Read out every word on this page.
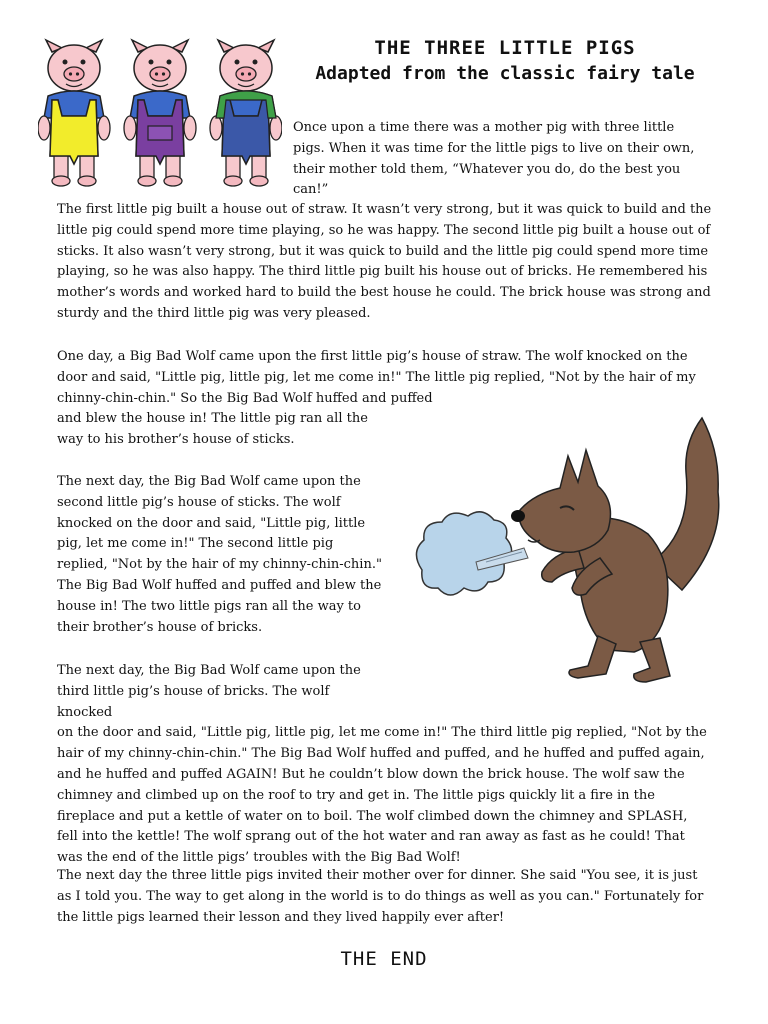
THE THREE LITTLE PIGS
Adapted from the classic fairy tale

Once upon a time there was a mother pig with three little pigs. When it was time for the little pigs to live on their own, their mother told them, “Whatever you do, do the best you can!”

The first little pig built a house out of straw. It wasn’t very strong, but it was quick to build and the little pig could spend more time playing, so he was happy. The second little pig built a house out of sticks. It also wasn’t very strong, but it was quick to build and the little pig could spend more time playing, so he was also happy. The third little pig built his house out of bricks. He remembered his mother’s words and worked hard to build the best house he could. The brick house was strong and sturdy and the third little pig was very pleased.

One day, a Big Bad Wolf came upon the first little pig’s house of straw. The wolf knocked on the door and said, "Little pig, little pig, let me come in!" The little pig replied, "Not by the hair of my chinny-chin-chin." So the Big Bad Wolf huffed and puffed

and blew the house in! The little pig ran all the way to his brother’s house of sticks.

The next day, the Big Bad Wolf came upon the second little pig’s house of sticks. The wolf knocked on the door and said, "Little pig, little pig, let me come in!" The second little pig replied, "Not by the hair of my chinny-chin-chin." The Big Bad Wolf huffed and puffed and blew the house in! The two little pigs ran all the way to their brother’s house of bricks.

The next day, the Big Bad Wolf came upon the third little pig’s house of bricks. The wolf knocked

on the door and said, "Little pig, little pig, let me come in!" The third little pig replied, "Not by the hair of my chinny-chin-chin." The Big Bad Wolf huffed and puffed, and he huffed and puffed again, and he huffed and puffed AGAIN! But he couldn’t blow down the brick house. The wolf saw the chimney and climbed up on the roof to try and get in. The little pigs quickly lit a fire in the fireplace and put a kettle of water on to boil. The wolf climbed down the chimney and SPLASH, fell into the kettle! The wolf sprang out of the hot water and ran away as fast as he could! That was the end of the little pigs’ troubles with the Big Bad Wolf!

The next day the three little pigs invited their mother over for dinner. She said "You see, it is just as I told you. The way to get along in the world is to do things as well as you can." Fortunately for the little pigs learned their lesson and they lived happily ever after!

THE END
